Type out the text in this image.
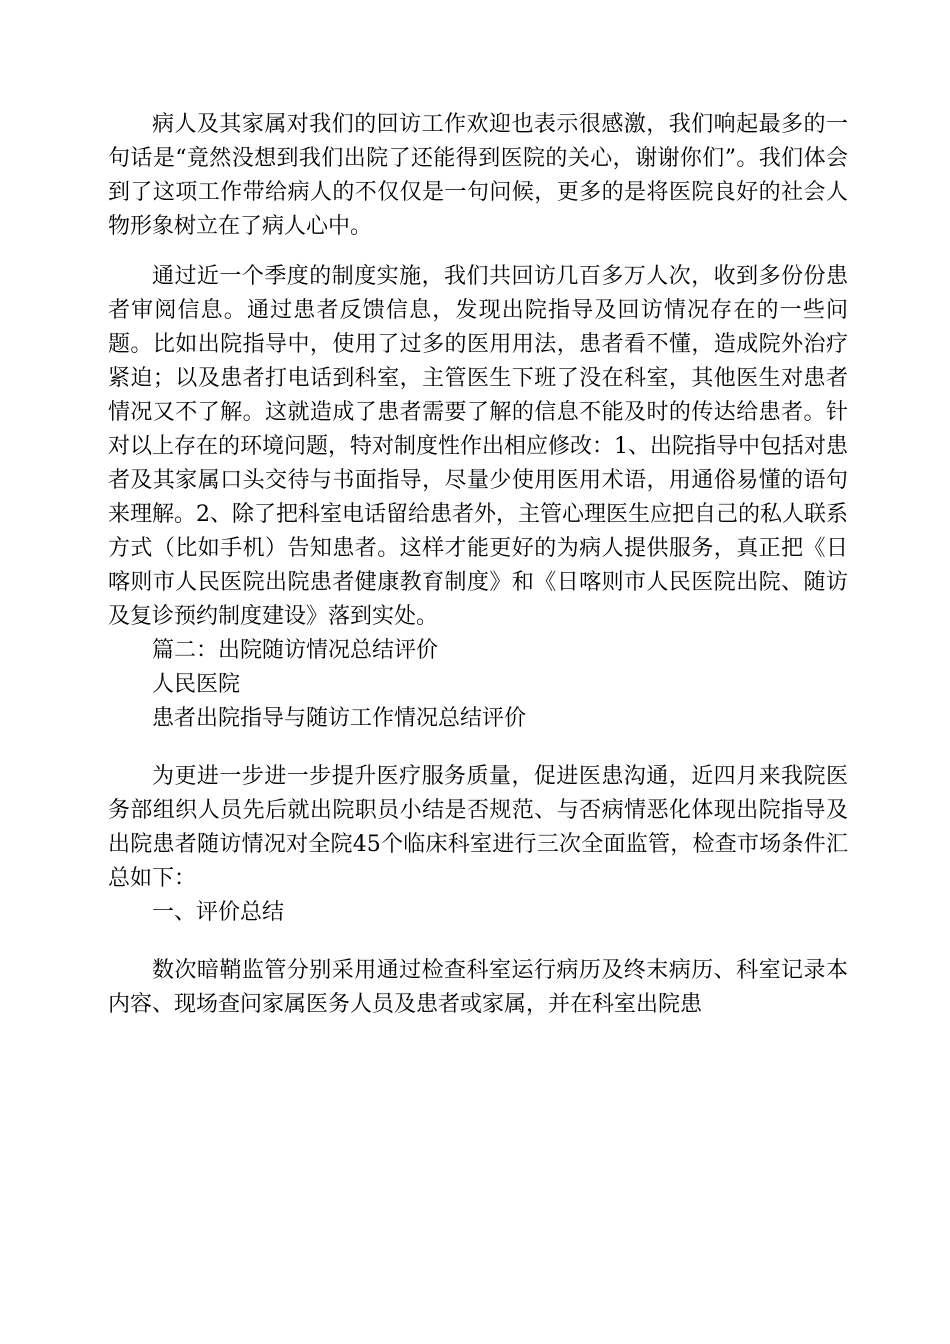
病人及其家属对我们的回访工作欢迎也表示很感激，我们响起最多的一句话是“竟然没想到我们出院了还能得到医院的关心，谢谢你们”。我们体会到了这项工作带给病人的不仅仅是一句问候，更多的是将医院良好的社会人物形象树立在了病人心中。

通过近一个季度的制度实施，我们共回访几百多万人次，收到多份份患者审阅信息。通过患者反馈信息，发现出院指导及回访情况存在的一些问题。比如出院指导中，使用了过多的医用用法，患者看不懂，造成院外治疗紧迫；以及患者打电话到科室，主管医生下班了没在科室，其他医生对患者情况又不了解。这就造成了患者需要了解的信息不能及时的传达给患者。针对以上存在的环境问题，特对制度性作出相应修改：1、出院指导中包括对患者及其家属口头交待与书面指导，尽量少使用医用术语，用通俗易懂的语句来理解。2、除了把科室电话留给患者外，主管心理医生应把自己的私人联系方式（比如手机）告知患者。这样才能更好的为病人提供服务，真正把《日喀则市人民医院出院患者健康教育制度》和《日喀则市人民医院出院、随访及复诊预约制度建设》落到实处。

篇二：出院随访情况总结评价

人民医院

患者出院指导与随访工作情况总结评价

为更进一步进一步提升医疗服务质量，促进医患沟通，近四月来我院医务部组织人员先后就出院职员小结是否规范、与否病情恶化体现出院指导及出院患者随访情况对全院45个临床科室进行三次全面监管，检查市场条件汇总如下：

一、评价总结

数次暗鞘监管分别采用通过检查科室运行病历及终末病历、科室记录本内容、现场查问家属医务人员及患者或家属，并在科室出院患
